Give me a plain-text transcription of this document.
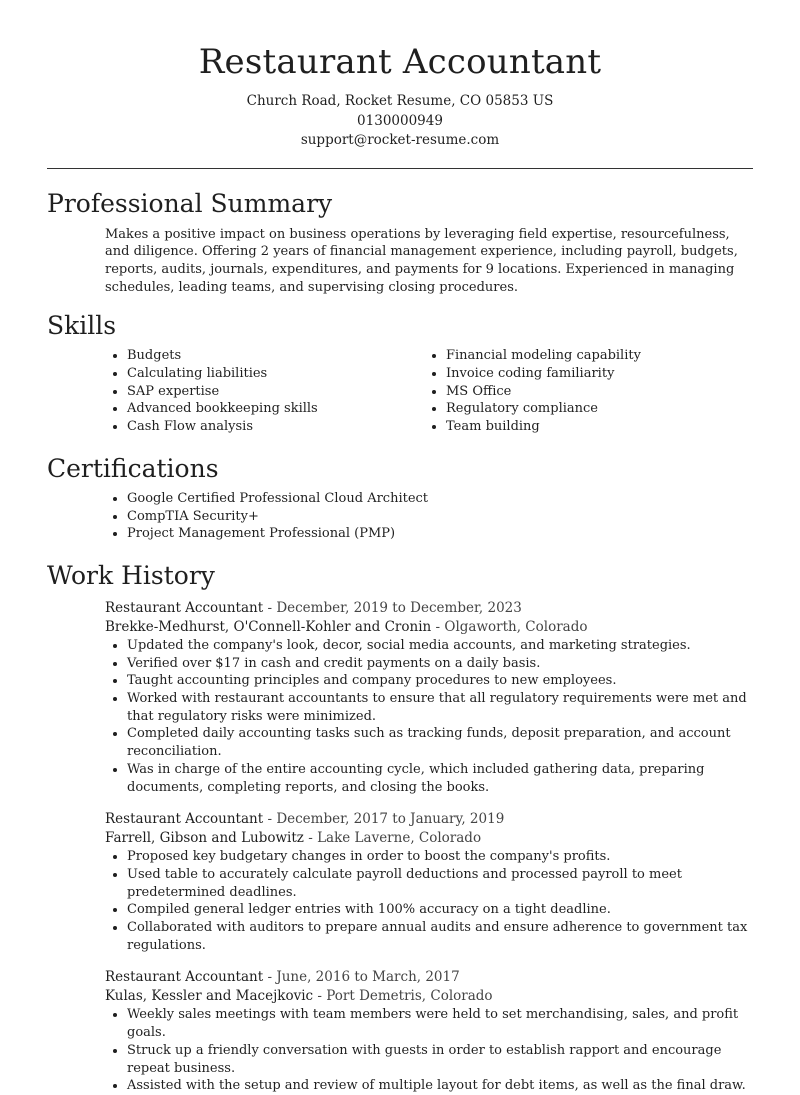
Restaurant Accountant
Church Road, Rocket Resume, CO 05853 US
0130000949
support@rocket-resume.com
Professional Summary

Makes a positive impact on business operations by leveraging field expertise, resourcefulness, and diligence. Offering 2 years of financial management experience, including payroll, budgets, reports, audits, journals, expenditures, and payments for 9 locations. Experienced in managing schedules, leading teams, and supervising closing procedures.

Skills
• Budgets
• Calculating liabilities
• SAP expertise
• Advanced bookkeeping skills
• Cash Flow analysis
• Financial modeling capability
• Invoice coding familiarity
• MS Office
• Regulatory compliance
• Team building
Certifications
• Google Certified Professional Cloud Architect
• CompTIA Security+
• Project Management Professional (PMP)
Work History
Restaurant Accountant - December, 2019 to December, 2023
Brekke-Medhurst, O'Connell-Kohler and Cronin - Olgaworth, Colorado
• Updated the company's look, decor, social media accounts, and marketing strategies.
• Verified over $17 in cash and credit payments on a daily basis.
• Taught accounting principles and company procedures to new employees.
• Worked with restaurant accountants to ensure that all regulatory requirements were met and that regulatory risks were minimized.
• Completed daily accounting tasks such as tracking funds, deposit preparation, and account reconciliation.
• Was in charge of the entire accounting cycle, which included gathering data, preparing documents, completing reports, and closing the books.
Restaurant Accountant - December, 2017 to January, 2019
Farrell, Gibson and Lubowitz - Lake Laverne, Colorado
• Proposed key budgetary changes in order to boost the company's profits.
• Used table to accurately calculate payroll deductions and processed payroll to meet predetermined deadlines.
• Compiled general ledger entries with 100% accuracy on a tight deadline.
• Collaborated with auditors to prepare annual audits and ensure adherence to government tax regulations.
Restaurant Accountant - June, 2016 to March, 2017
Kulas, Kessler and Macejkovic - Port Demetris, Colorado
• Weekly sales meetings with team members were held to set merchandising, sales, and profit goals.
• Struck up a friendly conversation with guests in order to establish rapport and encourage repeat business.
• Assisted with the setup and review of multiple layout for debt items, as well as the final draw.
